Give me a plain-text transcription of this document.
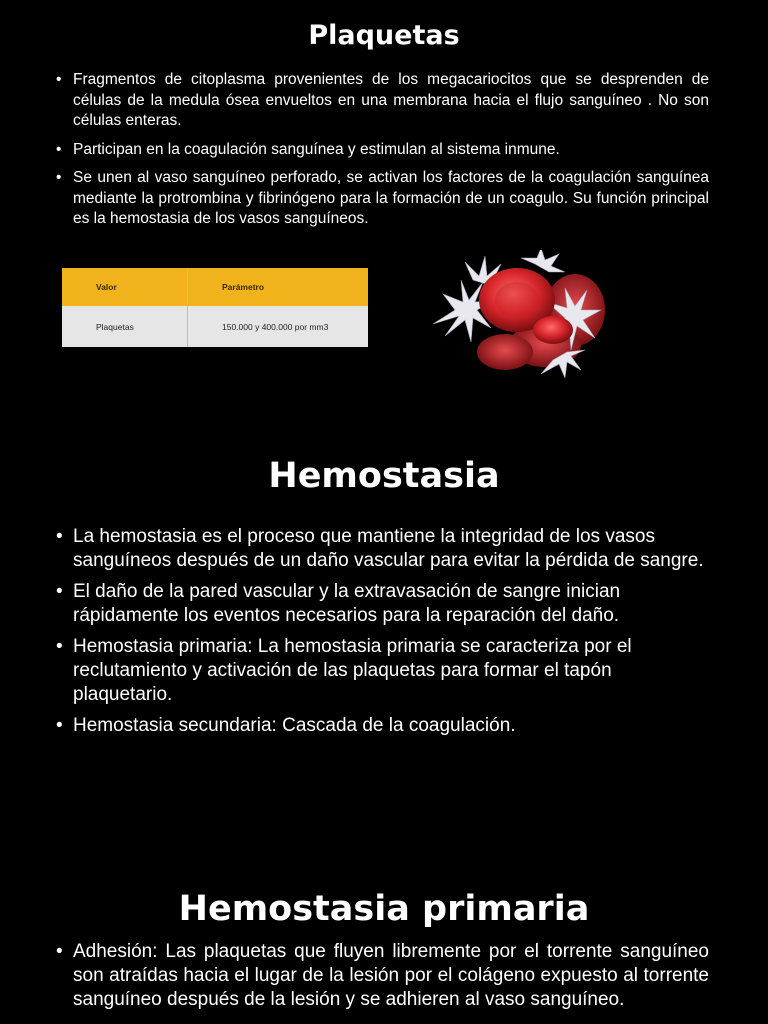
Plaquetas
• Fragmentos de citoplasma provenientes de los megacariocitos que se desprenden de células de la medula ósea envueltos en una membrana hacia el flujo sanguíneo . No son células enteras.
• Participan en la coagulación sanguínea y estimulan al sistema inmune.
• Se unen al vaso sanguíneo perforado, se activan los factores de la coagulación sanguínea mediante la protrombina y fibrinógeno para la formación de un coagulo. Su función principal es la hemostasia de los vasos sanguíneos.
Valor	Parámetro
Plaquetas	150.000 y 400.000 por mm3
Hemostasia
• La hemostasia es el proceso que mantiene la integridad de los vasos sanguíneos después de un daño vascular para evitar la pérdida de sangre.
• El daño de la pared vascular y la extravasación de sangre inician rápidamente los eventos necesarios para la reparación del daño.
• Hemostasia primaria: La hemostasia primaria se caracteriza por el reclutamiento y activación de las plaquetas para formar el tapón plaquetario.
• Hemostasia secundaria: Cascada de la coagulación.
Hemostasia primaria
• Adhesión: Las plaquetas que fluyen libremente por el torrente sanguíneo son atraídas hacia el lugar de la lesión por el colágeno expuesto al torrente sanguíneo después de la lesión y se adhieren al vaso sanguíneo.
